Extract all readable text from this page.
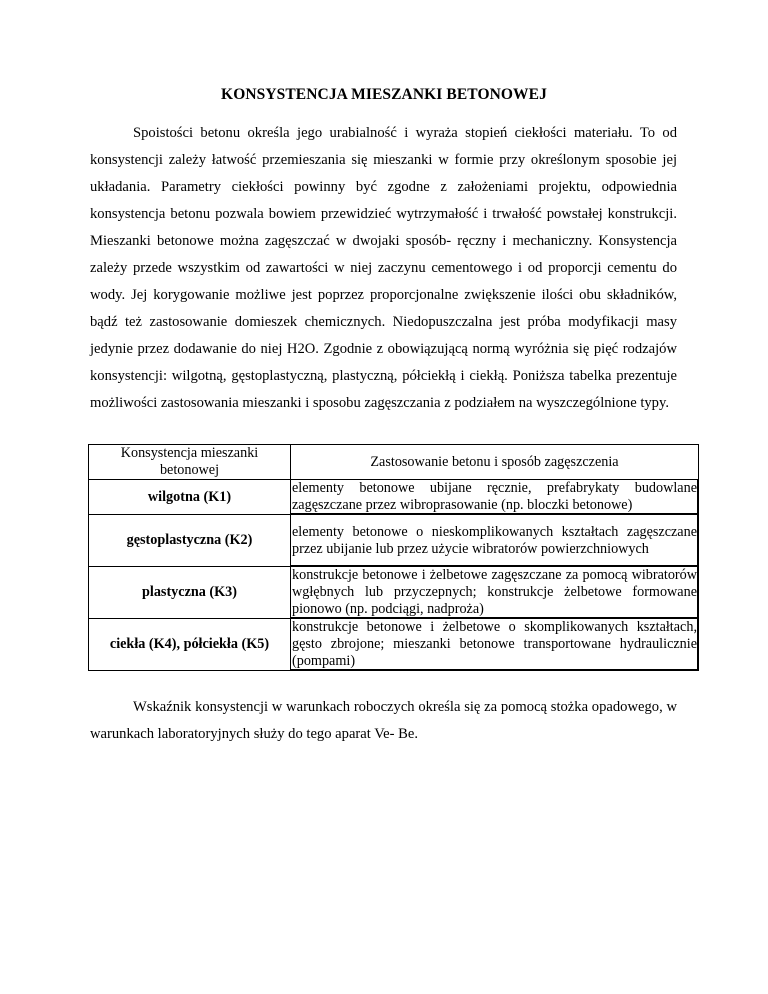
KONSYSTENCJA MIESZANKI BETONOWEJ

Spoistości betonu określa jego urabialność i wyraża stopień ciekłości materiału. To od konsystencji zależy łatwość przemieszania się mieszanki w formie przy określonym sposobie jej układania. Parametry ciekłości powinny być zgodne z założeniami projektu, odpowiednia konsystencja betonu pozwala bowiem przewidzieć wytrzymałość i trwałość powstałej konstrukcji. Mieszanki betonowe można zagęszczać w dwojaki sposób- ręczny i mechaniczny. Konsystencja zależy przede wszystkim od zawartości w niej zaczynu cementowego i od proporcji cementu do wody. Jej korygowanie możliwe jest poprzez proporcjonalne zwiększenie ilości obu składników, bądź też zastosowanie domieszek chemicznych. Niedopuszczalna jest próba modyfikacji masy jedynie przez dodawanie do niej H2O. Zgodnie z obowiązującą normą wyróżnia się pięć rodzajów konsystencji: wilgotną, gęstoplastyczną, plastyczną, półciekłą i ciekłą. Poniższa tabelka prezentuje możliwości zastosowania mieszanki i sposobu zagęszczania z podziałem na wyszczególnione typy.

Konsystencja mieszanki betonowej	Zastosowanie betonu i sposób zagęszczenia
wilgotna (K1)	elementy betonowe ubijane ręcznie, prefabrykaty budowlane zagęszczane przez wibroprasowanie (np. bloczki betonowe)
gęstoplastyczna (K2)	elementy betonowe o nieskomplikowanych kształtach zagęszczane przez ubijanie lub przez użycie wibratorów powierzchniowych
plastyczna (K3)	konstrukcje betonowe i żelbetowe zagęszczane za pomocą wibratorów wgłębnych lub przyczepnych; konstrukcje żelbetowe formowane pionowo (np. podciągi, nadproża)
ciekła (K4), półciekła (K5)	konstrukcje betonowe i żelbetowe o skomplikowanych kształtach, gęsto zbrojone; mieszanki betonowe transportowane hydraulicznie (pompami)

Wskaźnik konsystencji w warunkach roboczych określa się za pomocą stożka opadowego, w warunkach laboratoryjnych służy do tego aparat Ve- Be.
